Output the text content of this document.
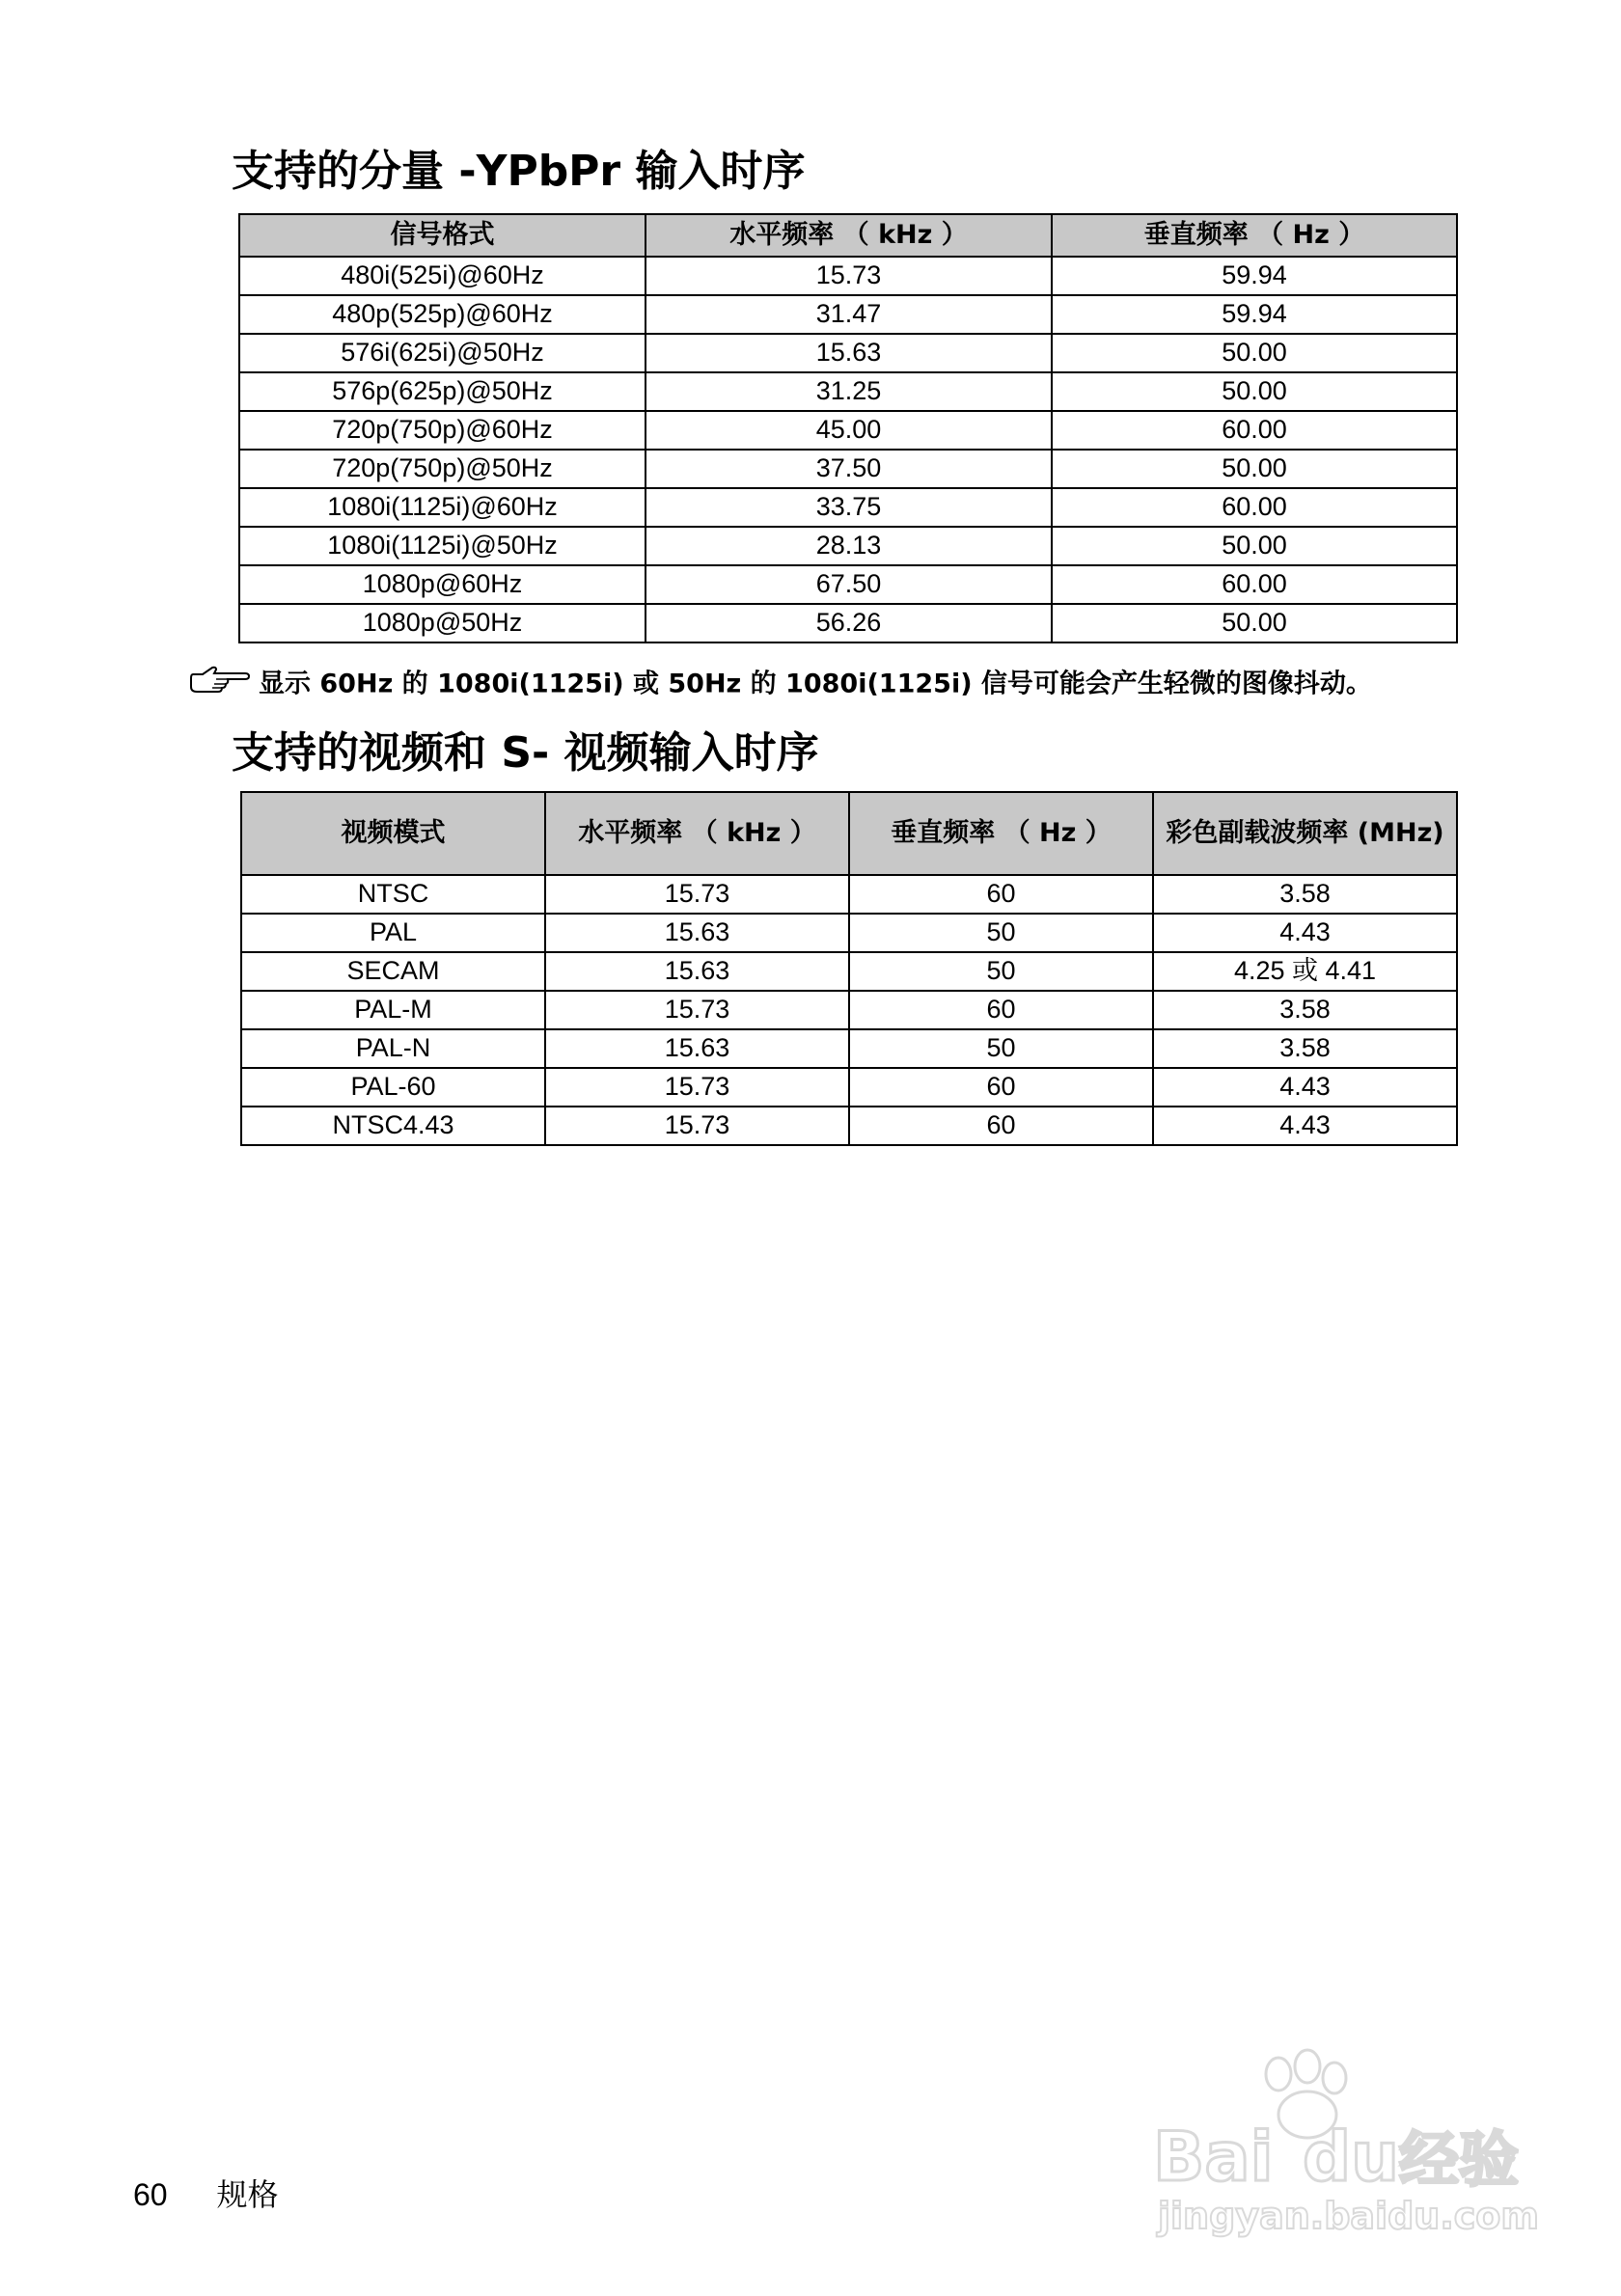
支持的分量 -YPbPr 输入时序
信号格式	水平频率 （ kHz ）	垂直频率 （ Hz ）
480i(525i)@60Hz	15.73	59.94
480p(525p)@60Hz	31.47	59.94
576i(625i)@50Hz	15.63	50.00
576p(625p)@50Hz	31.25	50.00
720p(750p)@60Hz	45.00	60.00
720p(750p)@50Hz	37.50	50.00
1080i(1125i)@60Hz	33.75	60.00
1080i(1125i)@50Hz	28.13	50.00
1080p@60Hz	67.50	60.00
1080p@50Hz	56.26	50.00
显示 60Hz 的 1080i(1125i) 或 50Hz 的 1080i(1125i) 信号可能会产生轻微的图像抖动。
支持的视频和 S- 视频输入时序
视频模式	水平频率 （ kHz ）	垂直频率 （ Hz ）	彩色副载波频率 (MHz)
NTSC	15.73	60	3.58
PAL	15.63	50	4.43
SECAM	15.63	50	4.25 或 4.41
PAL-M	15.73	60	3.58
PAL-N	15.63	50	3.58
PAL-60	15.73	60	4.43
NTSC4.43	15.73	60	4.43
60 规格	Bai du 经验
jingyan.baidu.com
